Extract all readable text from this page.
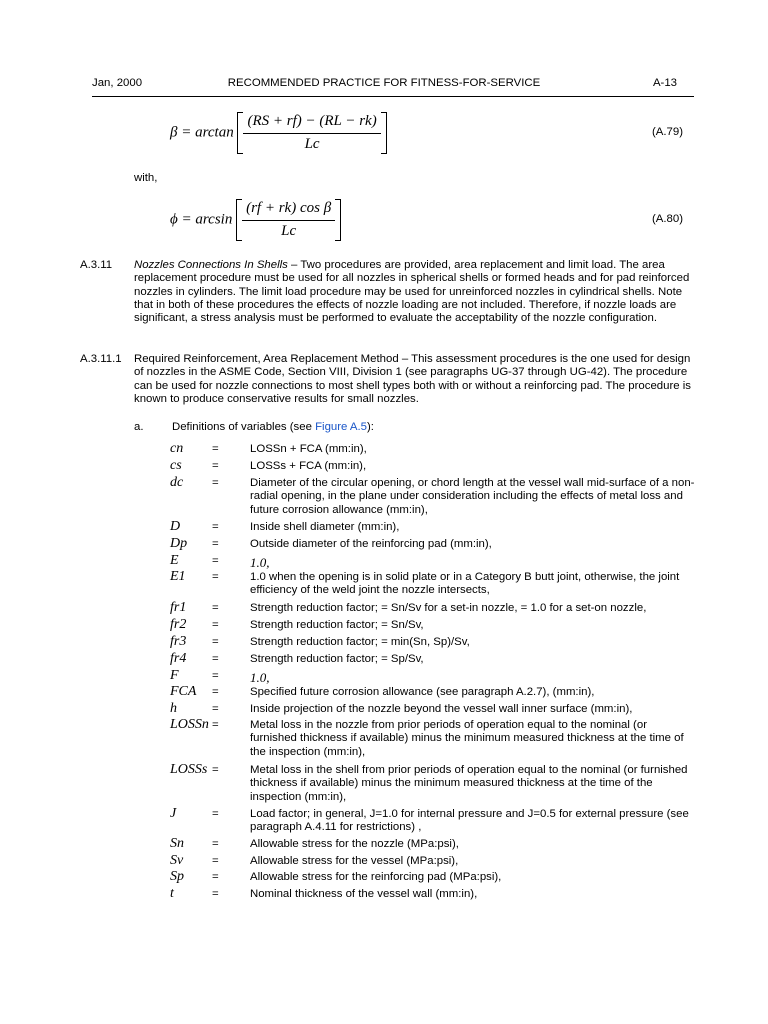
Jan, 2000	RECOMMENDED PRACTICE FOR FITNESS-FOR-SERVICE	A-13
$\beta = \arctan \frac{(RS + rf) - (RL - rk)}{Lc}$	(A.79)
with,
$\phi = \arcsin \frac{\text{(rf + rk) cos β}}{Lc}$	(A.80)
A.3.11 Nozzles Connections In Shells – Two procedures are provided, area replacement and limit load. The area replacement procedure must be used for all nozzles in spherical shells or formed heads and for pad reinforced nozzles in cylinders. The limit load procedure may be used for unreinforced nozzles in cylindrical shells. Note that in both of these procedures the effects of nozzle loading are not included. Therefore, if nozzle loads are significant, a stress analysis must be performed to evaluate the acceptability of the nozzle configuration.
A.3.11.1 Required Reinforcement, Area Replacement Method – This assessment procedures is the one used for design of nozzles in the ASME Code, Section VIII, Division 1 (see paragraphs UG-37 through UG-42). The procedure can be used for nozzle connections to most shell types both with or without a reinforcing pad. The procedure is known to produce conservative results for small nozzles.
a.	Definitions of variables (see Figure A.5):
cn	=	LOSSn + FCA (mm:in),
cs	=	LOSSs + FCA (mm:in),
dc	=	Diameter of the circular opening, or chord length at the vessel wall mid-surface of a non-radial opening, in the plane under consideration including the effects of metal loss and future corrosion allowance (mm:in),
D	=	Inside shell diameter (mm:in),
Dp =	Outside diameter of the reinforcing pad (mm:in),
E	= 1.0,
E1 =	1.0 when the opening is in solid plate or in a Category B butt joint, otherwise, the joint efficiency of the weld joint the nozzle intersects,
fr1 =	Strength reduction factor; = Sn/Sv for a set-in nozzle, = 1.0 for a set-on nozzle,
fr2 =	Strength reduction factor; = Sn/Sv,
fr3 =	Strength reduction factor; = min(Sn, Sp)/Sv,
fr4 =	Strength reduction factor; = Sp/Sv,
F	= 1.0,
FCA =	Specified future corrosion allowance (see paragraph A.2.7), (mm:in),
h	=	Inside projection of the nozzle beyond the vessel wall inner surface (mm:in),
LOSSn =	Metal loss in the nozzle from prior periods of operation equal to the nominal (or furnished thickness if available) minus the minimum measured thickness at the time of the inspection (mm:in),
LOSSs =	Metal loss in the shell from prior periods of operation equal to the nominal (or furnished thickness if available) minus the minimum measured thickness at the time of the inspection (mm:in),
J	=	Load factor; in general, J=1.0 for internal pressure and J=0.5 for external pressure (see paragraph A.4.11 for restrictions) ,
Sn =	Allowable stress for the nozzle (MPa:psi),
Sv	=	Allowable stress for the vessel (MPa:psi),
Sp =	Allowable stress for the reinforcing pad (MPa:psi),
t	=	Nominal thickness of the vessel wall (mm:in),
